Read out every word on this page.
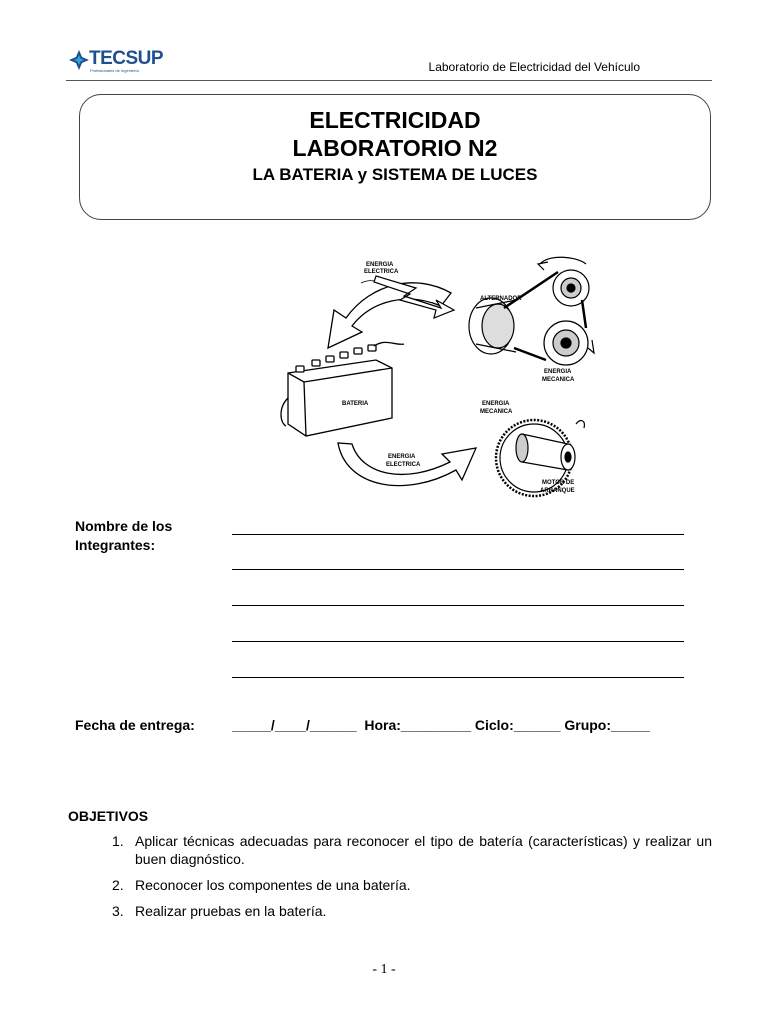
TECSUP
Profesionales de Ingeniería	Laboratorio de Electricidad del Vehículo
ELECTRICIDAD
LABORATORIO N2
LA BATERIA y SISTEMA DE LUCES
ENERGIA
ELECTRICA
BATERIA
ALTERNADOR
ENERGIA
MECANICA
ENERGIA
ELECTRICA
ENERGIA
MECANICA
MOTOR DE
ARRANQUE
Nombre de los
Integrantes:
Fecha de entrega:	_____/____/______  Hora:_________ Ciclo:______ Grupo:_____
OBJETIVOS
1. Aplicar técnicas adecuadas para reconocer el tipo de batería (características) y realizar un buen diagnóstico.
2. Reconocer los componentes de una batería.
3. Realizar pruebas en la batería.
- 1 -
